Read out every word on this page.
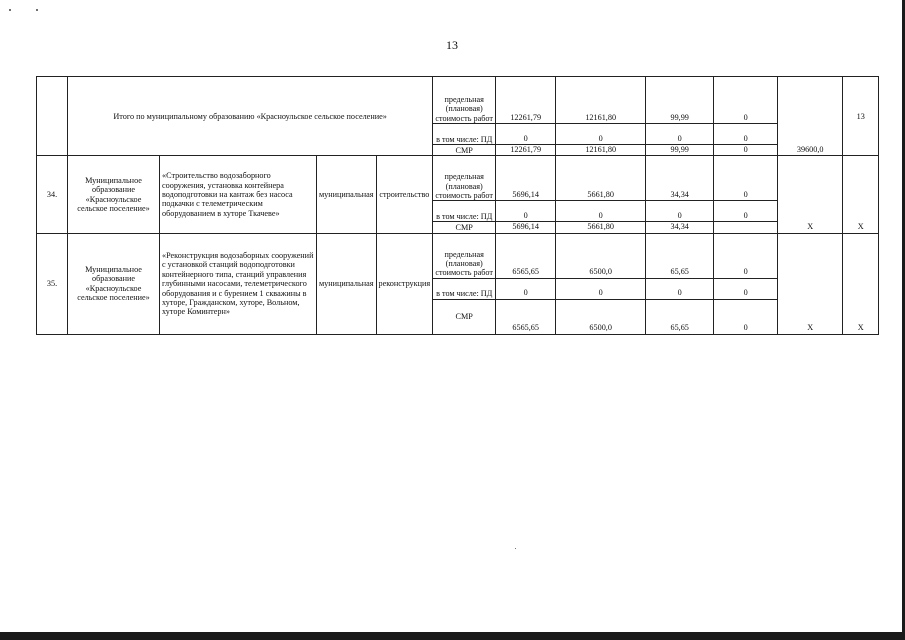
13
	Итого по муниципальному образованию «Красноульское сельское поселение»				предельная (плановая) стоимость работ	12261,79	12161,80	99,99	0	39600,0	13
					в том числе: ПД	0	0	0	0		
					СМР	12261,79	12161,80	99,99	0		
34.	Муниципальное образование «Красноульское сельское поселение»	«Строительство водозаборного сооружения, установка контейнера водоподготовки на кантаж без насоса подкачки с телеметрическим оборудованием в хуторе Ткачеве»	муниципальная	строительство	предельная (плановая) стоимость работ	5696,14	5661,80	34,34	0	Х	Х
					в том числе: ПД	0	0	0	0		
					СМР	5696,14	5661,80	34,34			
35.	Муниципальное образование «Красноульское сельское поселение»	«Реконструкция водозаборных сооружений с установкой станций водоподготовки контейнерного типа, станций управления глубинными насосами, телеметрического оборудования и с бурением 1 скважины в хуторе, Гражданском, хуторе, Вольном, хуторе Коминтерн»	муниципальная	реконструкция	предельная (плановая) стоимость работ	6565,65	6500,0	65,65	0	Х	Х
					в том числе: ПД	0	0	0	0		
					СМР	6565,65	6500,0	65,65	0		
